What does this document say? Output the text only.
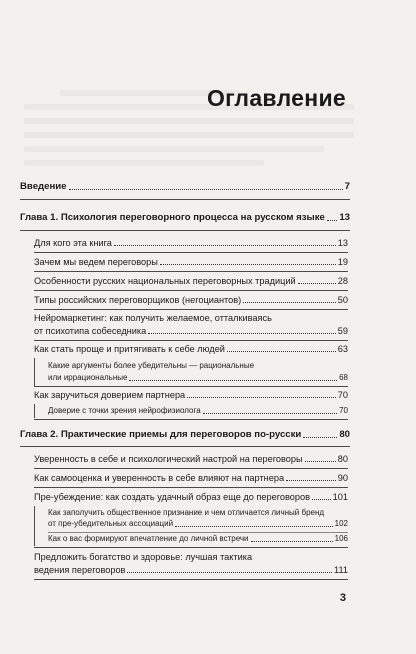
Оглавление
Введение	7
Глава 1. Психология переговорного процесса на русском языке 13
Для кого эта книга	13
Зачем мы ведем переговоры	19
Особенности русских национальных переговорных традиций	28
Типы российских переговорщиков (негоциантов)	50
Нейромаркетинг: как получить желаемое, отталкиваясь
от психотипа собеседника	59
Как стать проще и притягивать к себе людей	63
Какие аргументы более убедительны — рациональные
или иррациональные	68
Как заручиться доверием партнера	70
Доверие с точки зрения нейрофизиолога	70
Глава 2. Практические приемы для переговоров по-русски	80
Уверенность в себе и психологический настрой на переговоры	80
Как самооценка и уверенность в себе влияют на партнера	90
Пре-убеждение: как создать удачный образ еще до переговоров 101
Как заполучить общественное признание и чем отличается личный бренд
от пре-убедительных ассоциаций	102
Как о вас формируют впечатление до личной встречи	106
Предложить богатство и здоровье: лучшая тактика
ведения переговоров	111
3
